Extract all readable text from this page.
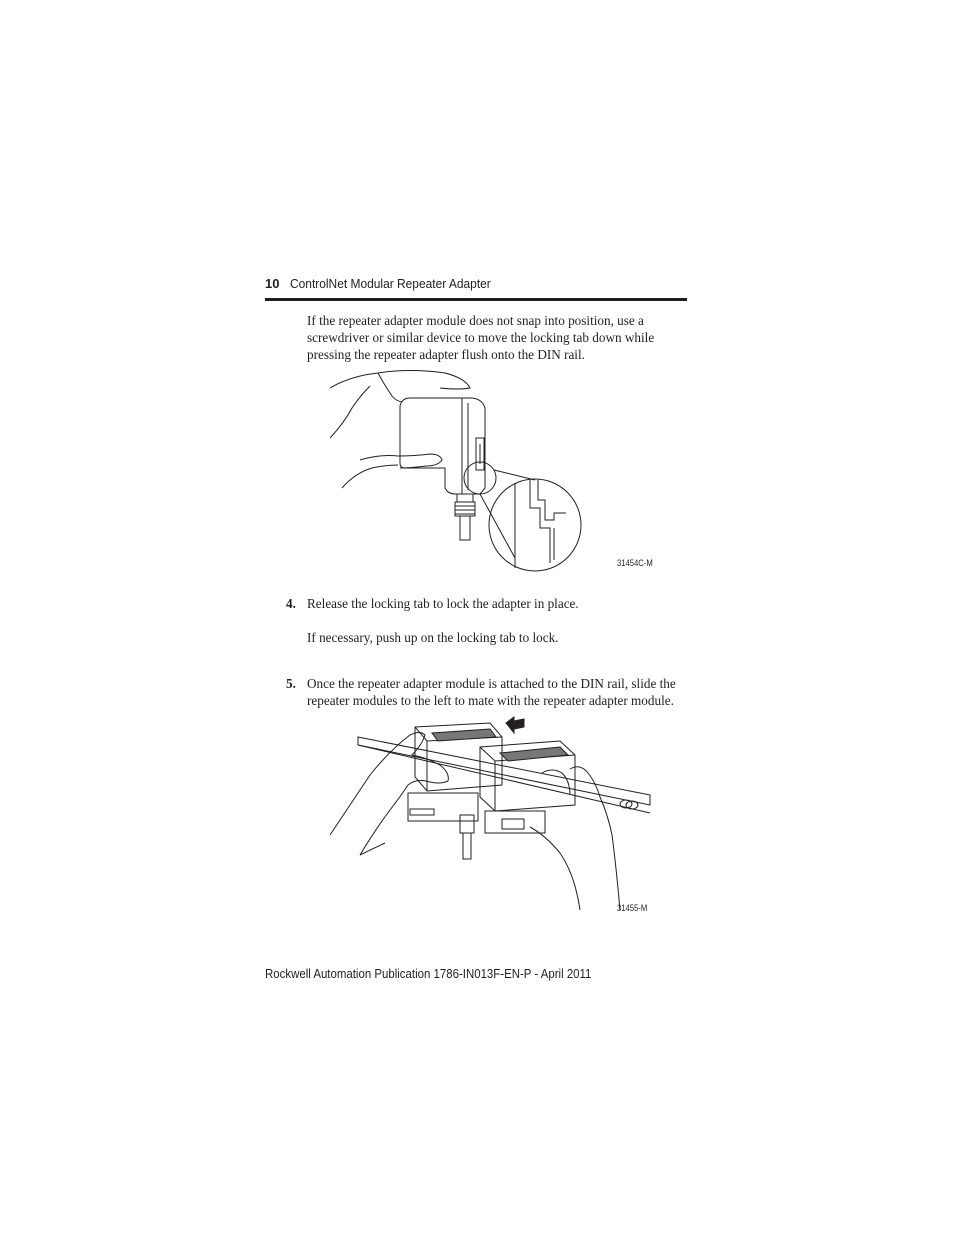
10 ControlNet Modular Repeater Adapter
If the repeater adapter module does not snap into position, use a screwdriver or similar device to move the locking tab down while pressing the repeater adapter flush onto the DIN rail.
31454C-M
4. Release the locking tab to lock the adapter in place.
If necessary, push up on the locking tab to lock.
5. Once the repeater adapter module is attached to the DIN rail, slide the repeater modules to the left to mate with the repeater adapter module.
31455-M
Rockwell Automation Publication 1786-IN013F-EN-P - April 2011
